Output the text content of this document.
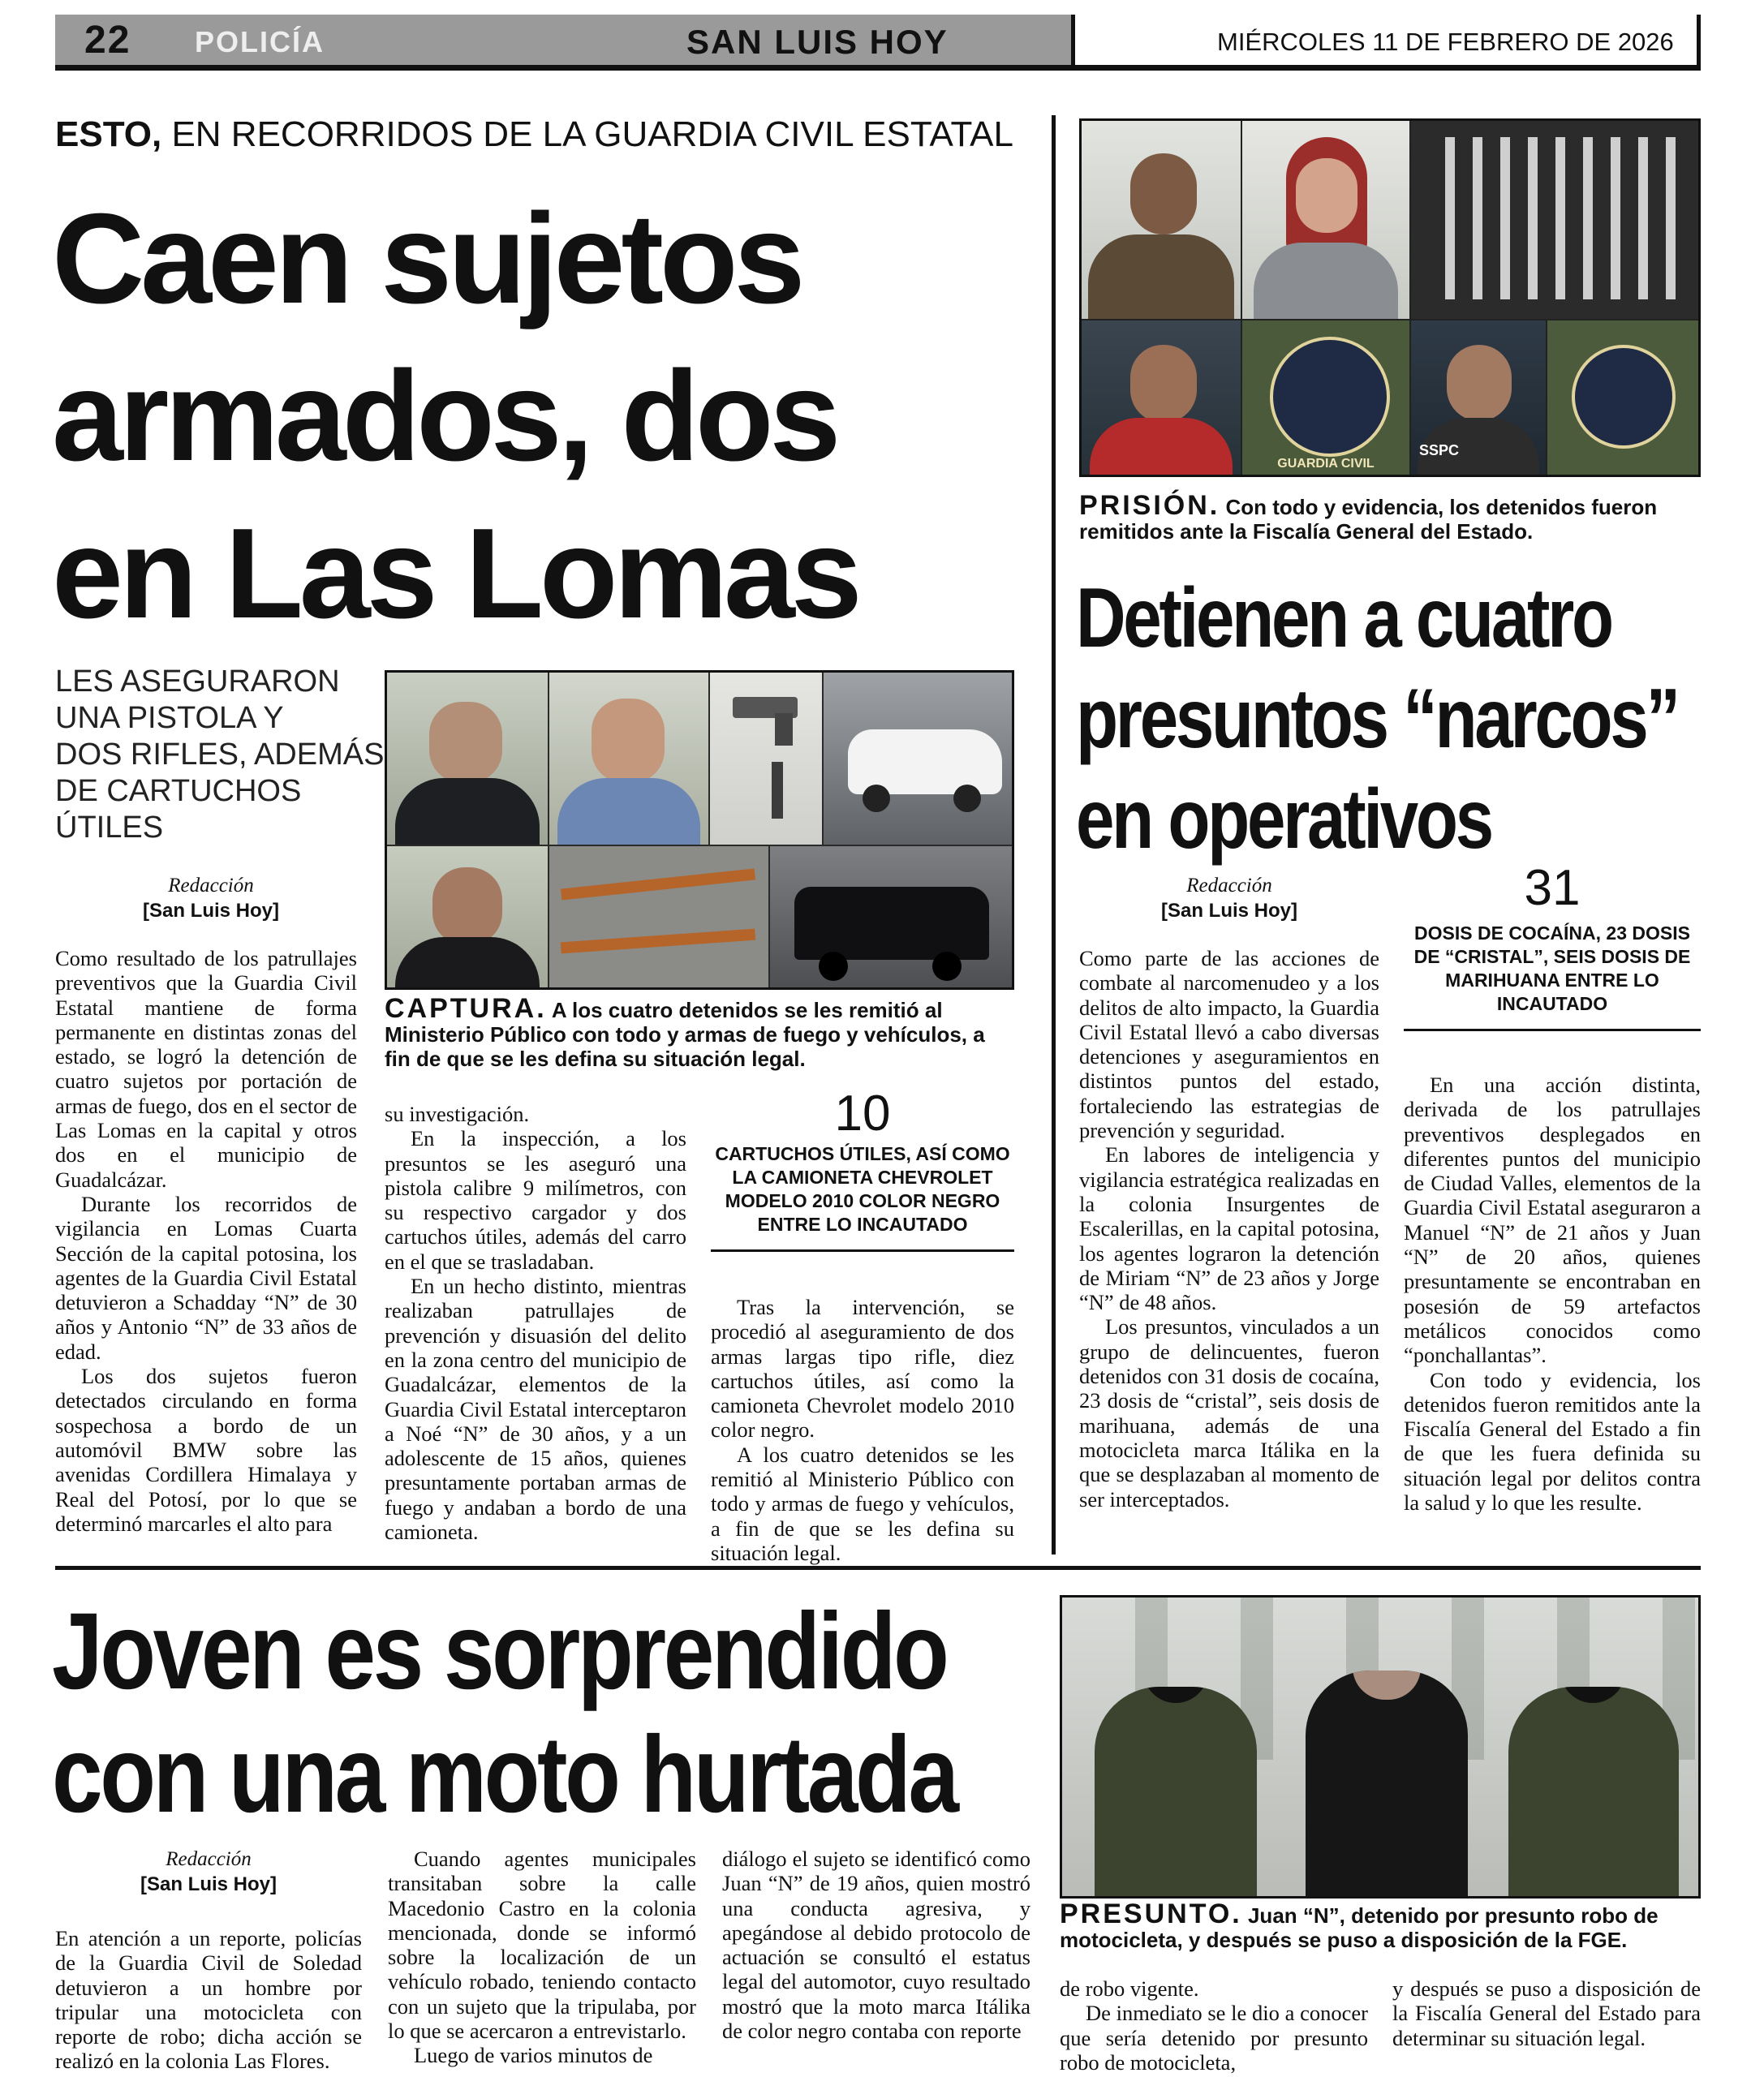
22 POLICÍA	SAN LUIS HOY	MIÉRCOLES 11 DE FEBRERO DE 2026
ESTO, EN RECORRIDOS DE LA GUARDIA CIVIL ESTATAL
Caen sujetos
armados, dos
en Las Lomas
LES ASEGURARON
UNA PISTOLA Y
DOS RIFLES, ADEMÁS
DE CARTUCHOS
ÚTILES
CAPTURA. A los cuatro detenidos se les remitió al Ministerio Público con todo y armas de fuego y vehículos, a fin de que se les defina su situación legal.
Redacción
[San Luis Hoy]

Como resultado de los patrullajes preventivos que la Guardia Civil Estatal mantiene de forma permanente en distintas zonas del estado, se logró la detención de cuatro sujetos por portación de armas de fuego, dos en el sector de Las Lomas en la capital y otros dos en el municipio de Guadalcázar.

Durante los recorridos de vigilancia en Lomas Cuarta Sección de la capital potosina, los agentes de la Guardia Civil Estatal detuvieron a Schadday “N” de 30 años y Antonio “N” de 33 años de edad.

Los dos sujetos fueron detectados circulando en forma sospechosa a bordo de un automóvil BMW sobre las avenidas Cordillera Himalaya y Real del Potosí, por lo que se determinó marcarles el alto para

su investigación.

En la inspección, a los presuntos se les aseguró una pistola calibre 9 milímetros, con su respectivo cargador y dos cartuchos útiles, además del carro en el que se trasladaban.

En un hecho distinto, mientras realizaban patrullajes de prevención y disuasión del delito en la zona centro del municipio de Guadalcázar, elementos de la Guardia Civil Estatal interceptaron a Noé “N” de 30 años, y a un adolescente de 15 años, quienes presuntamente portaban armas de fuego y andaban a bordo de una camioneta.

10
CARTUCHOS ÚTILES, ASÍ COMO LA CAMIONETA CHEVROLET MODELO 2010 COLOR NEGRO ENTRE LO INCAUTADO

Tras la intervención, se procedió al aseguramiento de dos armas largas tipo rifle, diez cartuchos útiles, así como la camioneta Chevrolet modelo 2010 color negro.

A los cuatro detenidos se les remitió al Ministerio Público con todo y armas de fuego y vehículos, a fin de que se les defina su situación legal.

GUARDIA CIVIL
SSPC
PRISIÓN. Con todo y evidencia, los detenidos fueron remitidos ante la Fiscalía General del Estado.
Detienen a cuatro
presuntos “narcos”
en operativos
Redacción
[San Luis Hoy]	31
DOSIS DE COCAÍNA, 23 DOSIS DE “CRISTAL”, SEIS DOSIS DE MARIHUANA ENTRE LO INCAUTADO

Como parte de las acciones de combate al narcomenudeo y a los delitos de alto impacto, la Guardia Civil Estatal llevó a cabo diversas detenciones y aseguramientos en distintos puntos del estado, fortaleciendo las estrategias de prevención y seguridad.

En labores de inteligencia y vigilancia estratégica realizadas en la colonia Insurgentes de Escalerillas, en la capital potosina, los agentes lograron la detención de Miriam “N” de 23 años y Jorge “N” de 48 años.

Los presuntos, vinculados a un grupo de delincuentes, fueron detenidos con 31 dosis de cocaína, 23 dosis de “cristal”, seis dosis de marihuana, además de una motocicleta marca Itálika en la que se desplazaban al momento de ser interceptados.

En una acción distinta, derivada de los patrullajes preventivos desplegados en diferentes puntos del municipio de Ciudad Valles, elementos de la Guardia Civil Estatal aseguraron a Manuel “N” de 21 años y Juan “N” de 20 años, quienes presuntamente se encontraban en posesión de 59 artefactos metálicos conocidos como “ponchallantas”.

Con todo y evidencia, los detenidos fueron remitidos ante la Fiscalía General del Estado a fin de que les fuera definida su situación legal por delitos contra la salud y lo que les resulte.

Joven es sorprendido
con una moto hurtada
PRESUNTO. Juan “N”, detenido por presunto robo de motocicleta, y después se puso a disposición de la FGE.
Redacción
[San Luis Hoy]

En atención a un reporte, policías de la Guardia Civil de Soledad detuvieron a un hombre por tripular una motocicleta con reporte de robo; dicha acción se realizó en la colonia Las Flores.

Cuando agentes municipales transitaban sobre la calle Macedonio Castro en la colonia mencionada, donde se informó sobre la localización de un vehículo robado, teniendo contacto con un sujeto que la tripulaba, por lo que se acercaron a entrevistarlo.

Luego de varios minutos de

diálogo el sujeto se identificó como Juan “N” de 19 años, quien mostró una conducta agresiva, y apegándose al debido protocolo de actuación se consultó el estatus legal del automotor, cuyo resultado mostró que la moto marca Itálika de color negro contaba con reporte

de robo vigente.

De inmediato se le dio a conocer que sería detenido por presunto robo de motocicleta,

y después se puso a disposición de la Fiscalía General del Estado para determinar su situación legal.
